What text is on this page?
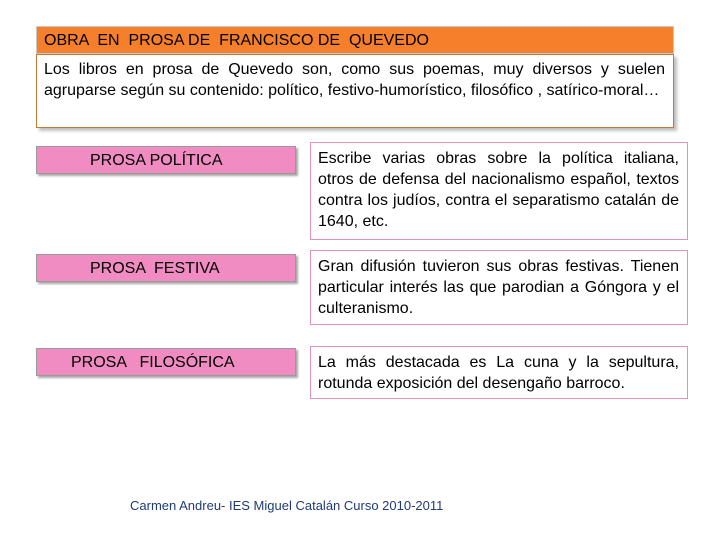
OBRA  EN  PROSA DE  FRANCISCO DE  QUEVEDO
Los libros en prosa de Quevedo son, como sus poemas, muy diversos y suelen agruparse según su contenido: político, festivo-humorístico, filosófico , satírico-moral…
PROSA POLÍTICA	Escribe varias obras sobre la política italiana, otros de defensa del nacionalismo español, textos contra los judíos, contra el separatismo catalán de 1640, etc.
PROSA  FESTIVA	Gran difusión tuvieron sus obras festivas. Tienen particular interés las que parodian a Góngora y el culteranismo.
PROSA   FILOSÓFICA	La más destacada es La cuna y la sepultura, rotunda exposición del desengaño barroco.
Carmen Andreu- IES Miguel Catalán Curso 2010-2011
